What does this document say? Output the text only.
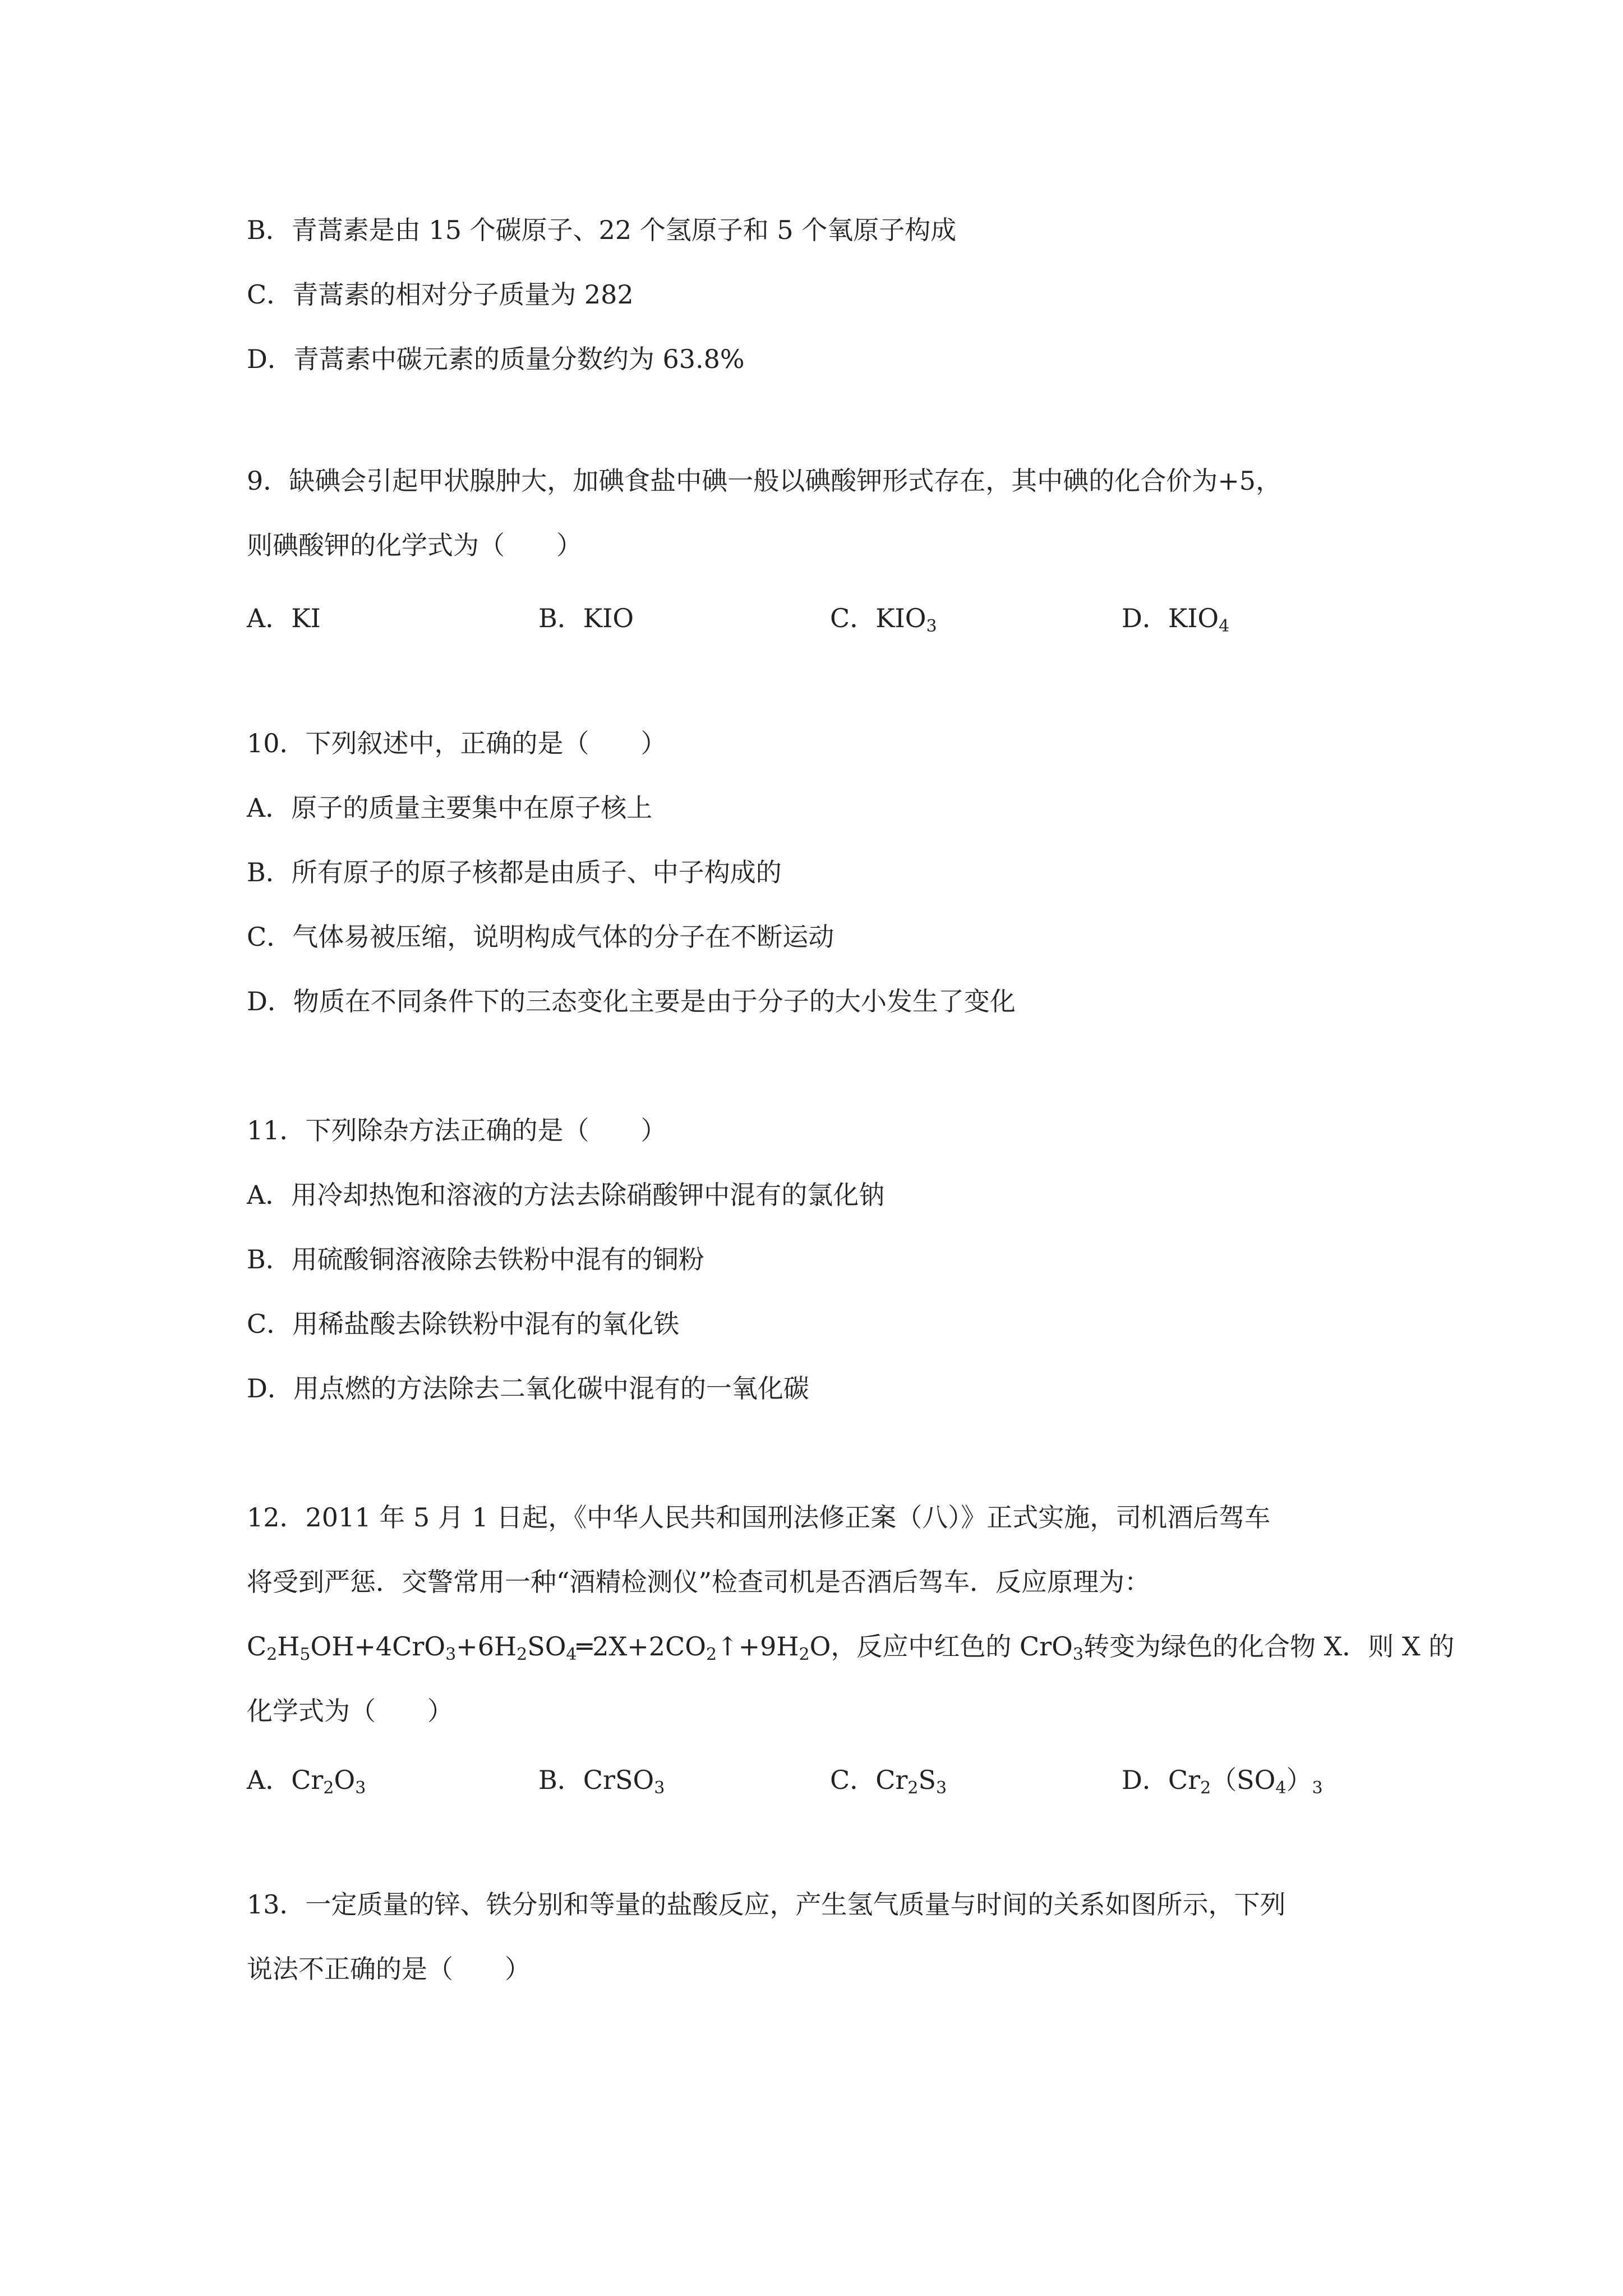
B．青蒿素是由 15 个碳原子、22 个氢原子和 5 个氧原子构成
C．青蒿素的相对分子质量为 282
D．青蒿素中碳元素的质量分数约为 63.8%
9．缺碘会引起甲状腺肿大，加碘食盐中碘一般以碘酸钾形式存在，其中碘的化合价为+5，
则碘酸钾的化学式为（　　）
A．KI	B．KIO	C．$KIO_3$	D．$KIO_4$
10．下列叙述中，正确的是（　　）
A．原子的质量主要集中在原子核上
B．所有原子的原子核都是由质子、中子构成的
C．气体易被压缩，说明构成气体的分子在不断运动
D．物质在不同条件下的三态变化主要是由于分子的大小发生了变化
11．下列除杂方法正确的是（　　）
A．用冷却热饱和溶液的方法去除硝酸钾中混有的氯化钠
B．用硫酸铜溶液除去铁粉中混有的铜粉
C．用稀盐酸去除铁粉中混有的氧化铁
D．用点燃的方法除去二氧化碳中混有的一氧化碳
12．2011 年 5 月 1 日起，《中华人民共和国刑法修正案（八）》正式实施，司机酒后驾车
将受到严惩．交警常用一种“酒精检测仪”检查司机是否酒后驾车．反应原理为：
$C_2H_5OH+4CrO_3+6H_2SO_4═2X+2CO_2↑+9H_2O$，反应中红色的 CrO$_3$转变为绿色的化合物 X．则 X 的
化学式为（　　）
A．$Cr_2O_3$	B．CrSO$_3$	C．$Cr_2S_3$	D．$Cr_2(SO_4)_3$
13．一定质量的锌、铁分别和等量的盐酸反应，产生氢气质量与时间的关系如图所示，下列
说法不正确的是（　　）
